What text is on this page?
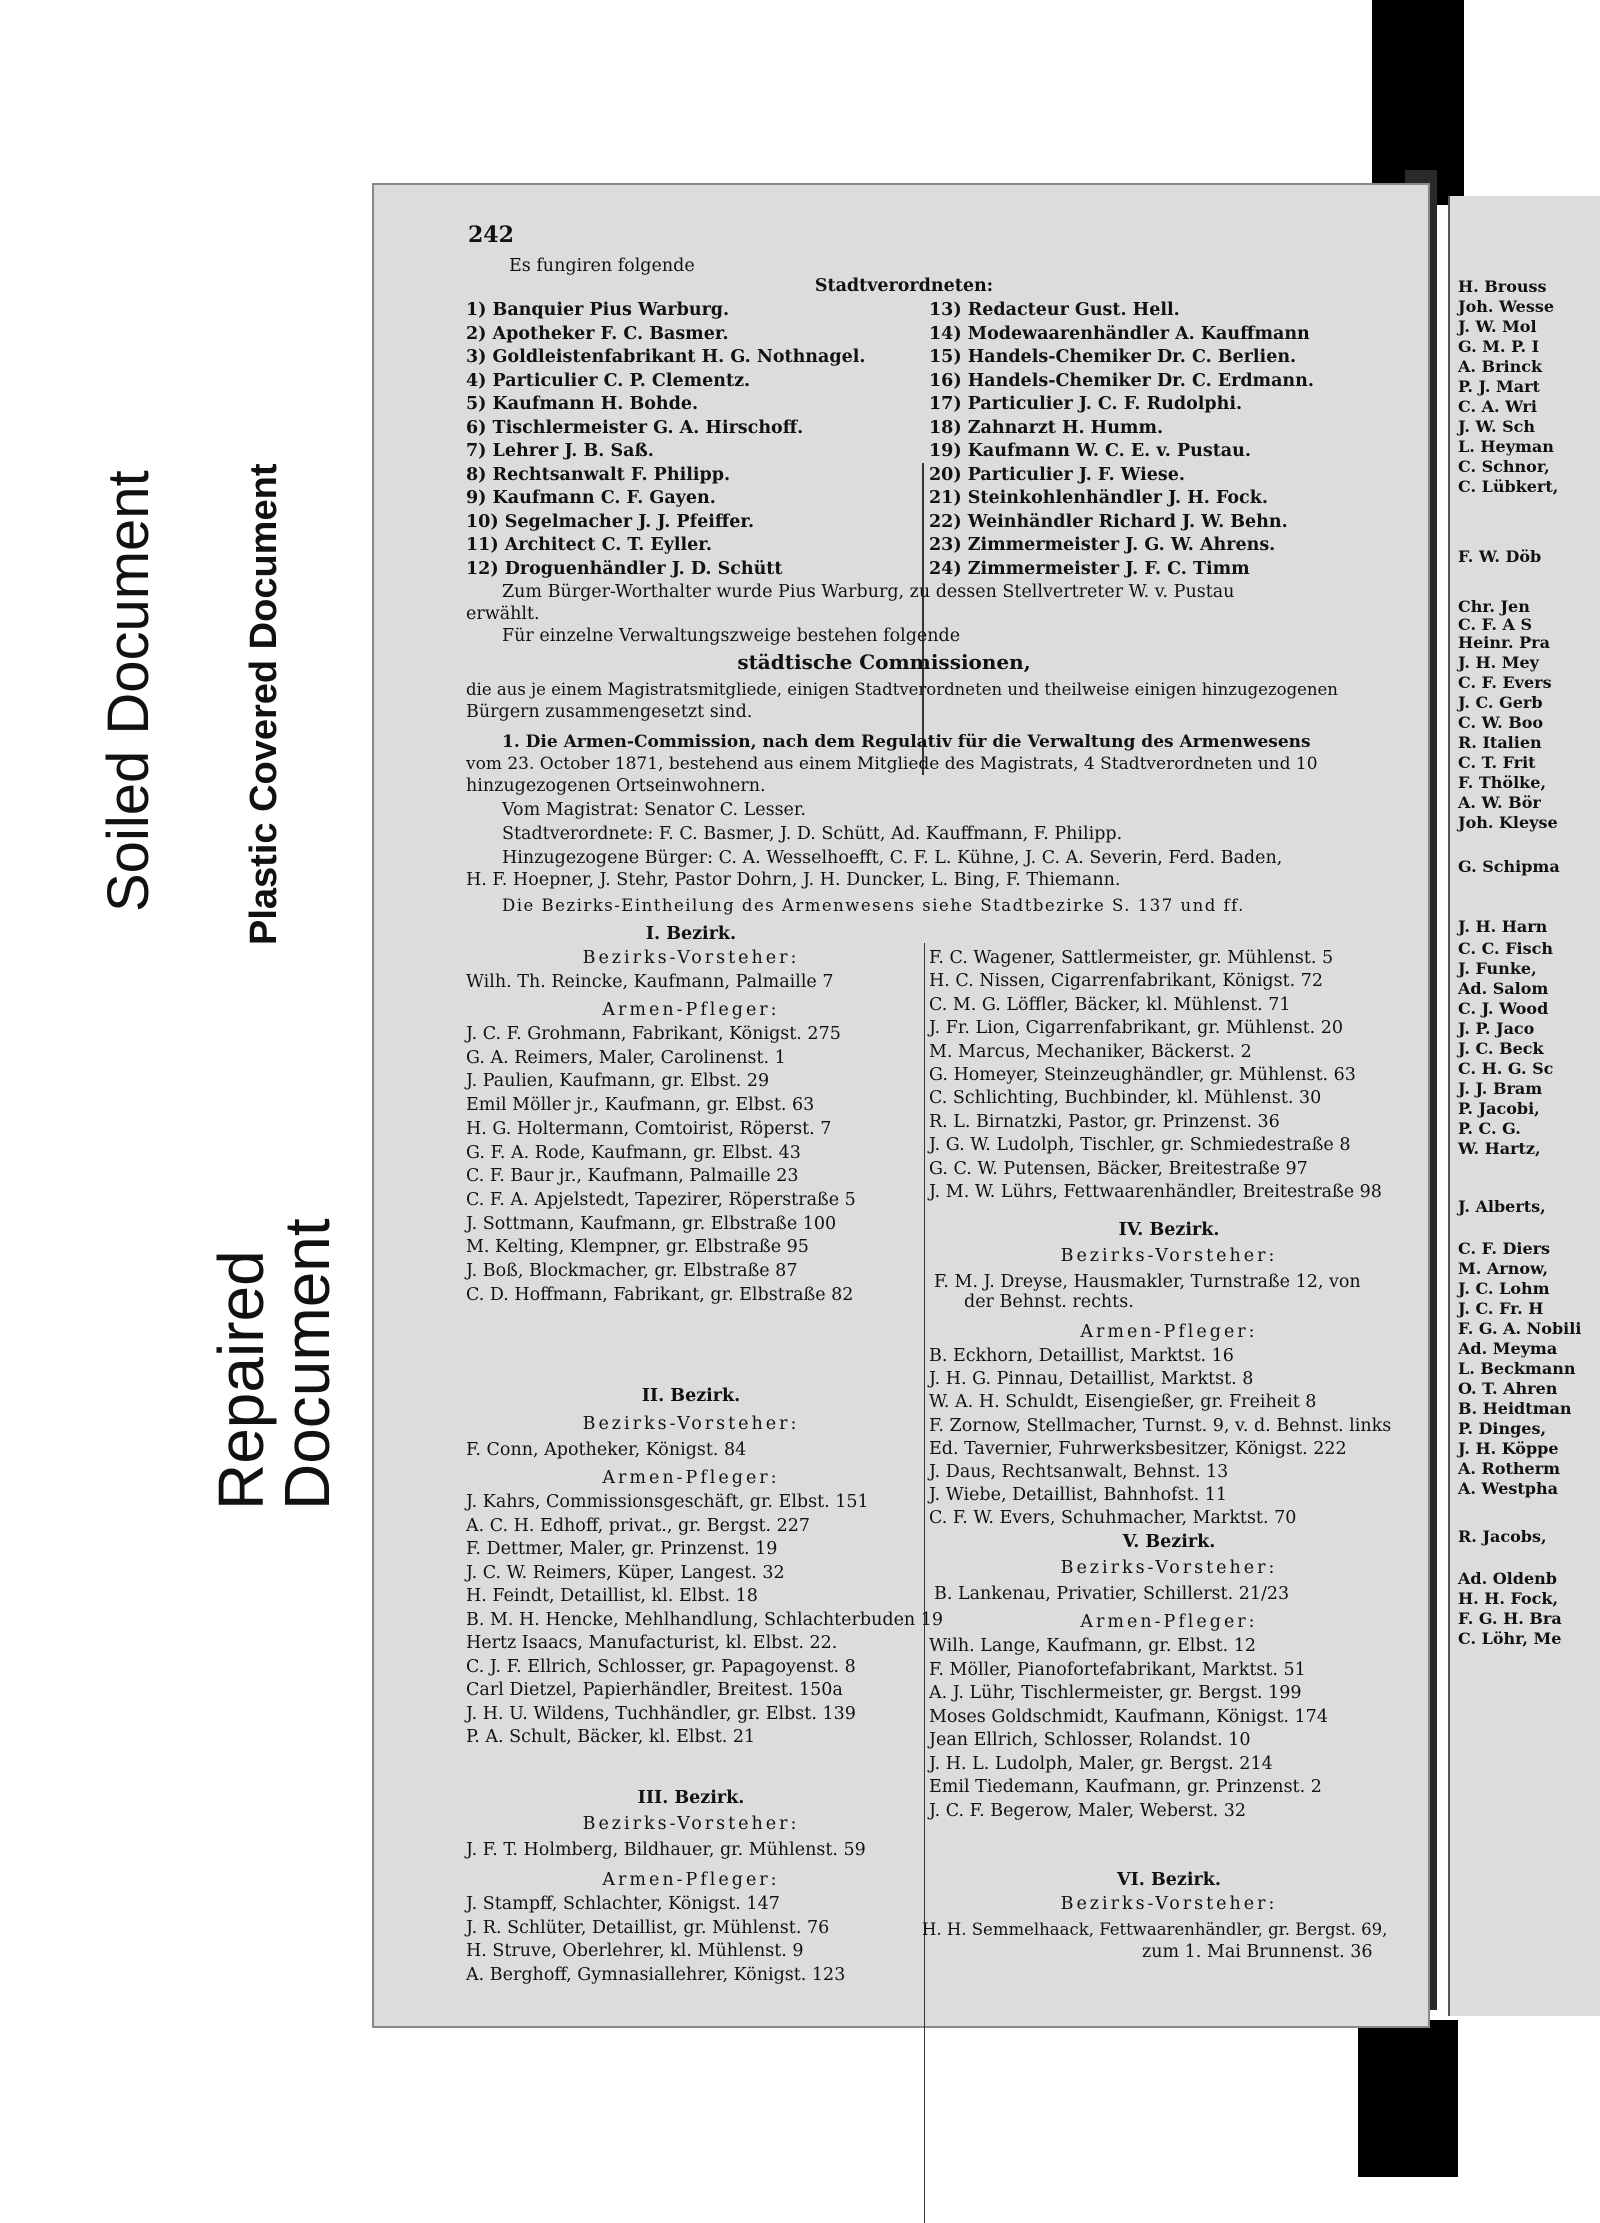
Soiled Document Plastic Covered Document
Repaired
Document
242
Es fungiren folgende
Stadtverordneten:
1) Banquier Pius Warburg.
2) Apotheker F. C. Basmer.
3) Goldleistenfabrikant H. G. Nothnagel.
4) Particulier C. P. Clementz.
5) Kaufmann H. Bohde.
6) Tischlermeister G. A. Hirschoff.
7) Lehrer J. B. Saß.
8) Rechtsanwalt F. Philipp.
9) Kaufmann C. F. Gayen.
10) Segelmacher J. J. Pfeiffer.
11) Architect C. T. Eyller.
12) Droguenhändler J. D. Schütt
13) Redacteur Gust. Hell.
14) Modewaarenhändler A. Kauffmann
15) Handels-Chemiker Dr. C. Berlien.
16) Handels-Chemiker Dr. C. Erdmann.
17) Particulier J. C. F. Rudolphi.
18) Zahnarzt H. Humm.
19) Kaufmann W. C. E. v. Pustau.
20) Particulier J. F. Wiese.
21) Steinkohlenhändler J. H. Fock.
22) Weinhändler Richard J. W. Behn.
23) Zimmermeister J. G. W. Ahrens.
24) Zimmermeister J. F. C. Timm
Zum Bürger-Worthalter wurde Pius Warburg, zu dessen Stellvertreter W. v. Pustau
erwählt.
Für einzelne Verwaltungszweige bestehen folgende
städtische Commissionen,
die aus je einem Magistratsmitgliede, einigen Stadtverordneten und theilweise einigen hinzugezogenen
Bürgern zusammengesetzt sind.
1. Die Armen-Commission, nach dem Regulativ für die Verwaltung des Armenwesens
vom 23. October 1871, bestehend aus einem Mitgliede des Magistrats, 4 Stadtverordneten und 10
hinzugezogenen Ortseinwohnern.
Vom Magistrat: Senator C. Lesser.
Stadtverordnete: F. C. Basmer, J. D. Schütt, Ad. Kauffmann, F. Philipp.
Hinzugezogene Bürger: C. A. Wesselhoefft, C. F. L. Kühne, J. C. A. Severin, Ferd. Baden,
H. F. Hoepner, J. Stehr, Pastor Dohrn, J. H. Duncker, L. Bing, F. Thiemann.
Die Bezirks-Eintheilung des Armenwesens siehe Stadtbezirke S. 137 und ff.
I. Bezirk.
Bezirks-Vorsteher:
Wilh. Th. Reincke, Kaufmann, Palmaille 7
Armen-Pfleger:
J. C. F. Grohmann, Fabrikant, Königst. 275
G. A. Reimers, Maler, Carolinenst. 1
J. Paulien, Kaufmann, gr. Elbst. 29
Emil Möller jr., Kaufmann, gr. Elbst. 63
H. G. Holtermann, Comtoirist, Röperst. 7
G. F. A. Rode, Kaufmann, gr. Elbst. 43
C. F. Baur jr., Kaufmann, Palmaille 23
C. F. A. Apjelstedt, Tapezirer, Röperstraße 5
J. Sottmann, Kaufmann, gr. Elbstraße 100
M. Kelting, Klempner, gr. Elbstraße 95
J. Boß, Blockmacher, gr. Elbstraße 87
C. D. Hoffmann, Fabrikant, gr. Elbstraße 82
II. Bezirk.
Bezirks-Vorsteher:
F. Conn, Apotheker, Königst. 84
Armen-Pfleger:
J. Kahrs, Commissionsgeschäft, gr. Elbst. 151
A. C. H. Edhoff, privat., gr. Bergst. 227
F. Dettmer, Maler, gr. Prinzenst. 19
J. C. W. Reimers, Küper, Langest. 32
H. Feindt, Detaillist, kl. Elbst. 18
B. M. H. Hencke, Mehlhandlung, Schlachterbuden 19
Hertz Isaacs, Manufacturist, kl. Elbst. 22.
C. J. F. Ellrich, Schlosser, gr. Papagoyenst. 8
Carl Dietzel, Papierhändler, Breitest. 150a
J. H. U. Wildens, Tuchhändler, gr. Elbst. 139
P. A. Schult, Bäcker, kl. Elbst. 21
III. Bezirk.
Bezirks-Vorsteher:
J. F. T. Holmberg, Bildhauer, gr. Mühlenst. 59
Armen-Pfleger:
J. Stampff, Schlachter, Königst. 147
J. R. Schlüter, Detaillist, gr. Mühlenst. 76
H. Struve, Oberlehrer, kl. Mühlenst. 9
A. Berghoff, Gymnasiallehrer, Königst. 123
F. C. Wagener, Sattlermeister, gr. Mühlenst. 5
H. C. Nissen, Cigarrenfabrikant, Königst. 72
C. M. G. Löffler, Bäcker, kl. Mühlenst. 71
J. Fr. Lion, Cigarrenfabrikant, gr. Mühlenst. 20
M. Marcus, Mechaniker, Bäckerst. 2
G. Homeyer, Steinzeughändler, gr. Mühlenst. 63
C. Schlichting, Buchbinder, kl. Mühlenst. 30
R. L. Birnatzki, Pastor, gr. Prinzenst. 36
J. G. W. Ludolph, Tischler, gr. Schmiedestraße 8
G. C. W. Putensen, Bäcker, Breitestraße 97
J. M. W. Lührs, Fettwaarenhändler, Breitestraße 98
IV. Bezirk.
Bezirks-Vorsteher:
F. M. J. Dreyse, Hausmakler, Turnstraße 12, von
der Behnst. rechts.
Armen-Pfleger:
B. Eckhorn, Detaillist, Marktst. 16
J. H. G. Pinnau, Detaillist, Marktst. 8
W. A. H. Schuldt, Eisengießer, gr. Freiheit 8
F. Zornow, Stellmacher, Turnst. 9, v. d. Behnst. links
Ed. Tavernier, Fuhrwerksbesitzer, Königst. 222
J. Daus, Rechtsanwalt, Behnst. 13
J. Wiebe, Detaillist, Bahnhofst. 11
C. F. W. Evers, Schuhmacher, Marktst. 70
V. Bezirk.
Bezirks-Vorsteher:
B. Lankenau, Privatier, Schillerst. 21/23
Armen-Pfleger:
Wilh. Lange, Kaufmann, gr. Elbst. 12
F. Möller, Pianofortefabrikant, Marktst. 51
A. J. Lühr, Tischlermeister, gr. Bergst. 199
Moses Goldschmidt, Kaufmann, Königst. 174
Jean Ellrich, Schlosser, Rolandst. 10
J. H. L. Ludolph, Maler, gr. Bergst. 214
Emil Tiedemann, Kaufmann, gr. Prinzenst. 2
J. C. F. Begerow, Maler, Weberst. 32
VI. Bezirk.
Bezirks-Vorsteher:
H. H. Semmelhaack, Fettwaarenhändler, gr. Bergst. 69,
zum 1. Mai Brunnenst. 36
H. Brouss
Joh. Wesse
J. W. Mol
G. M. P. I
A. Brinck
P. J. Mart
C. A. Wri
J. W. Sch
L. Heyman
C. Schnor,
C. Lübkert,
F. W. Döb
Chr. Jen
C. F. A S
Heinr. Pra
J. H. Mey
C. F. Evers
J. C. Gerb
C. W. Boo
R. Italien
C. T. Frit
F. Thölke,
A. W. Bör
Joh. Kleyse
G. Schipma
J. H. Harn
C. C. Fisch
J. Funke,
Ad. Salom
C. J. Wood
J. P. Jaco
J. C. Beck
C. H. G. Sc
J. J. Bram
P. Jacobi,
P. C. G.
W. Hartz,
J. Alberts,
C. F. Diers
M. Arnow,
J. C. Lohm
J. C. Fr. H
F. G. A. Nobili
Ad. Meyma
L. Beckmann
O. T. Ahren
B. Heidtman
P. Dinges,
J. H. Köppe
A. Rotherm
A. Westpha
R. Jacobs,
Ad. Oldenb
H. H. Fock,
F. G. H. Bra
C. Löhr, Me
